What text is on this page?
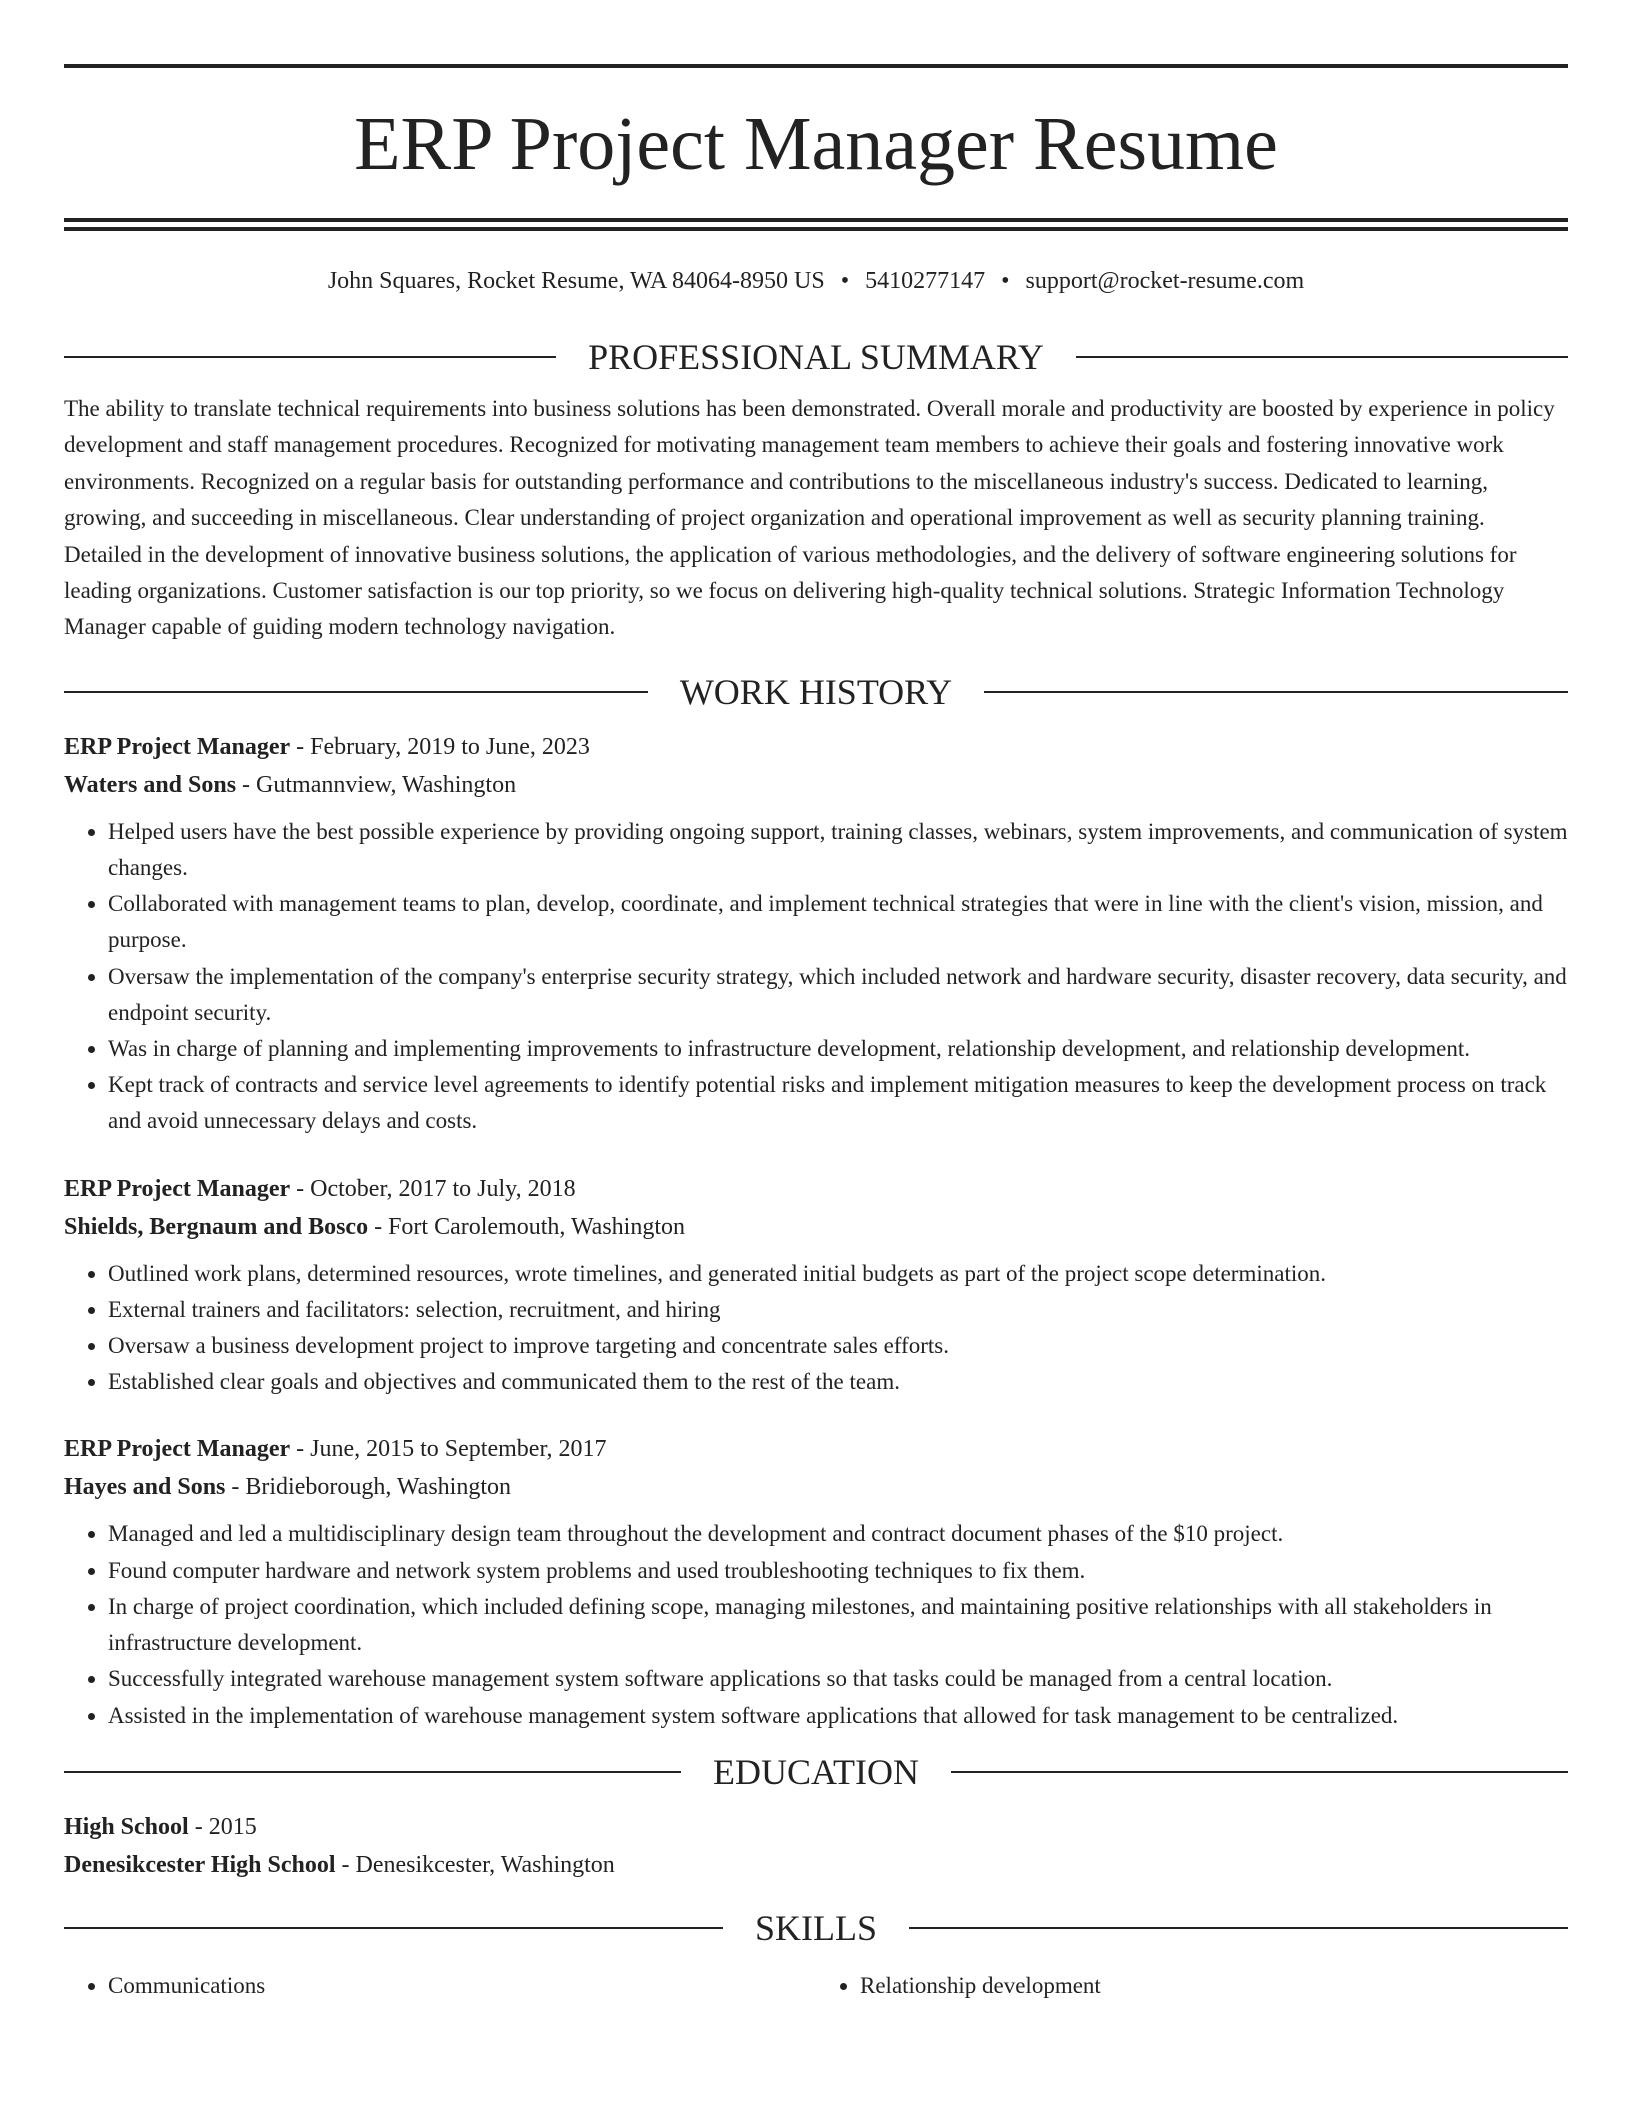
ERP Project Manager Resume
John Squares, Rocket Resume, WA 84064-8950 US • 5410277147 • support@rocket-resume.com
PROFESSIONAL SUMMARY

The ability to translate technical requirements into business solutions has been demonstrated. Overall morale and productivity are boosted by experience in policy development and staff management procedures. Recognized for motivating management team members to achieve their goals and fostering innovative work environments. Recognized on a regular basis for outstanding performance and contributions to the miscellaneous industry's success. Dedicated to learning, growing, and succeeding in miscellaneous. Clear understanding of project organization and operational improvement as well as security planning training. Detailed in the development of innovative business solutions, the application of various methodologies, and the delivery of software engineering solutions for leading organizations. Customer satisfaction is our top priority, so we focus on delivering high-quality technical solutions. Strategic Information Technology Manager capable of guiding modern technology navigation.

WORK HISTORY
ERP Project Manager - February, 2019 to June, 2023
Waters and Sons - Gutmannview, Washington
• Helped users have the best possible experience by providing ongoing support, training classes, webinars, system improvements, and communication of system changes.
• Collaborated with management teams to plan, develop, coordinate, and implement technical strategies that were in line with the client's vision, mission, and purpose.
• Oversaw the implementation of the company's enterprise security strategy, which included network and hardware security, disaster recovery, data security, and endpoint security.
• Was in charge of planning and implementing improvements to infrastructure development, relationship development, and relationship development.
• Kept track of contracts and service level agreements to identify potential risks and implement mitigation measures to keep the development process on track and avoid unnecessary delays and costs.
ERP Project Manager - October, 2017 to July, 2018
Shields, Bergnaum and Bosco - Fort Carolemouth, Washington
• Outlined work plans, determined resources, wrote timelines, and generated initial budgets as part of the project scope determination.
• External trainers and facilitators: selection, recruitment, and hiring
• Oversaw a business development project to improve targeting and concentrate sales efforts.
• Established clear goals and objectives and communicated them to the rest of the team.
ERP Project Manager - June, 2015 to September, 2017
Hayes and Sons - Bridieborough, Washington
• Managed and led a multidisciplinary design team throughout the development and contract document phases of the $10 project.
• Found computer hardware and network system problems and used troubleshooting techniques to fix them.
• In charge of project coordination, which included defining scope, managing milestones, and maintaining positive relationships with all stakeholders in infrastructure development.
• Successfully integrated warehouse management system software applications so that tasks could be managed from a central location.
• Assisted in the implementation of warehouse management system software applications that allowed for task management to be centralized.
EDUCATION
High School - 2015
Denesikcester High School - Denesikcester, Washington
SKILLS
• Communications
•	Relationship development
